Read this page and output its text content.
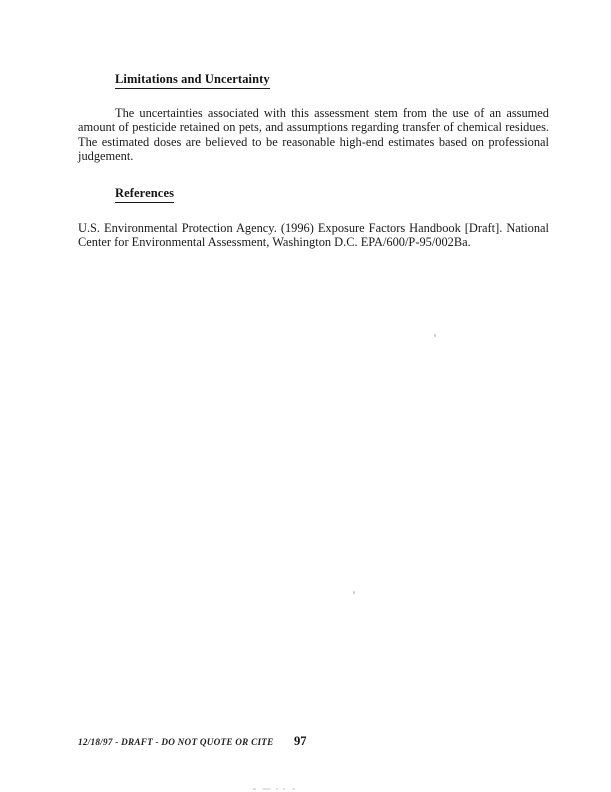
Limitations and Uncertainty

The uncertainties associated with this assessment stem from the use of an assumed amount of pesticide retained on pets, and assumptions regarding transfer of chemical residues. The estimated doses are believed to be reasonable high-end estimates based on professional judgement.

References

U.S. Environmental Protection Agency. (1996) Exposure Factors Handbook [Draft]. National Center for Environmental Assessment, Washington D.C. EPA/600/P-95/002Ba.

12/18/97 - DRAFT - DO NOT QUOTE OR CITE 97
